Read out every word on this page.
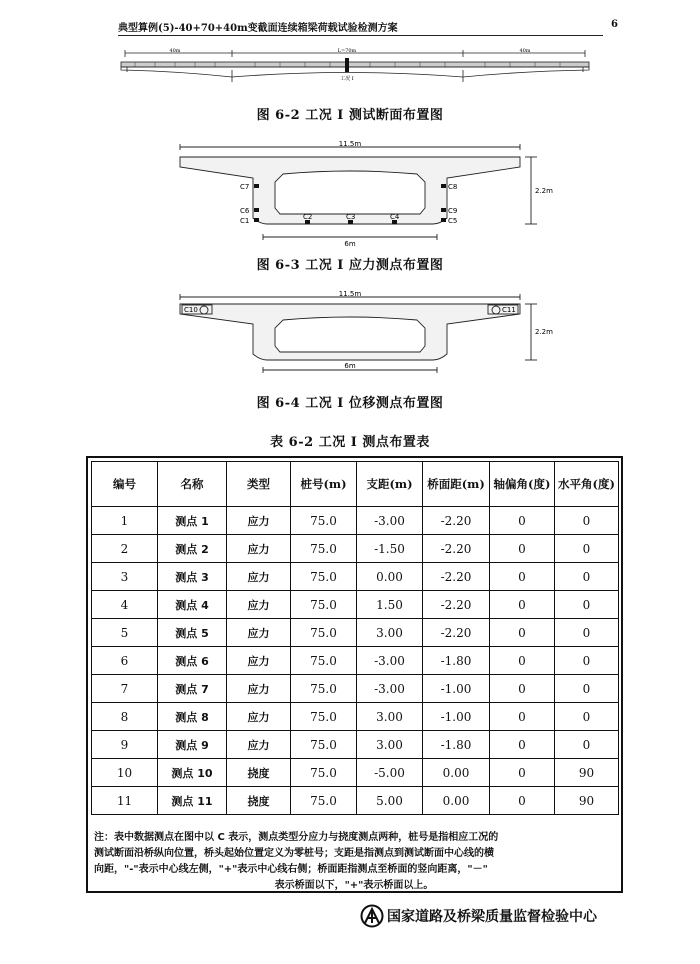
典型算例(5)-40+70+40m变截面连续箱梁荷载试验检测方案	6
40m	L=70m	40m
工况 I
图 6-2 工况 I 测试断面布置图
11.5m
6m
2.2m
C7
C6
C1
C8
C9
C5
C2	C3	C4
图 6-3 工况 I 应力测点布置图
11.5m
6m
2.2m
C10	C11
图 6-4 工况 I 位移测点布置图
表 6-2 工况 I 测点布置表
编号	名称	类型	桩号(m)	支距(m)	桥面距(m)	轴偏角(度)	水平角(度)
1	测点 1	应力	75.0	-3.00	-2.20	0	0
2	测点 2	应力	75.0	-1.50	-2.20	0	0
3	测点 3	应力	75.0	0.00	-2.20	0	0
4	测点 4	应力	75.0	1.50	-2.20	0	0
5	测点 5	应力	75.0	3.00	-2.20	0	0
6	测点 6	应力	75.0	-3.00	-1.80	0	0
7	测点 7	应力	75.0	-3.00	-1.00	0	0
8	测点 8	应力	75.0	3.00	-1.00	0	0
9	测点 9	应力	75.0	3.00	-1.80	0	0
10	测点 10	挠度	75.0	-5.00	0.00	0	90
11	测点 11	挠度	75.0	5.00	0.00	0	90
注：表中数据测点在图中以 C 表示，测点类型分应力与挠度测点两种，桩号是指相应工况的
测试断面沿桥纵向位置，桥头起始位置定义为零桩号；支距是指测点到测试断面中心线的横
向距，"-"表示中心线左侧，"+"表示中心线右侧；桥面距指测点至桥面的竖向距离，"－"
表示桥面以下，"+"表示桥面以上。
国家道路及桥梁质量监督检验中心
